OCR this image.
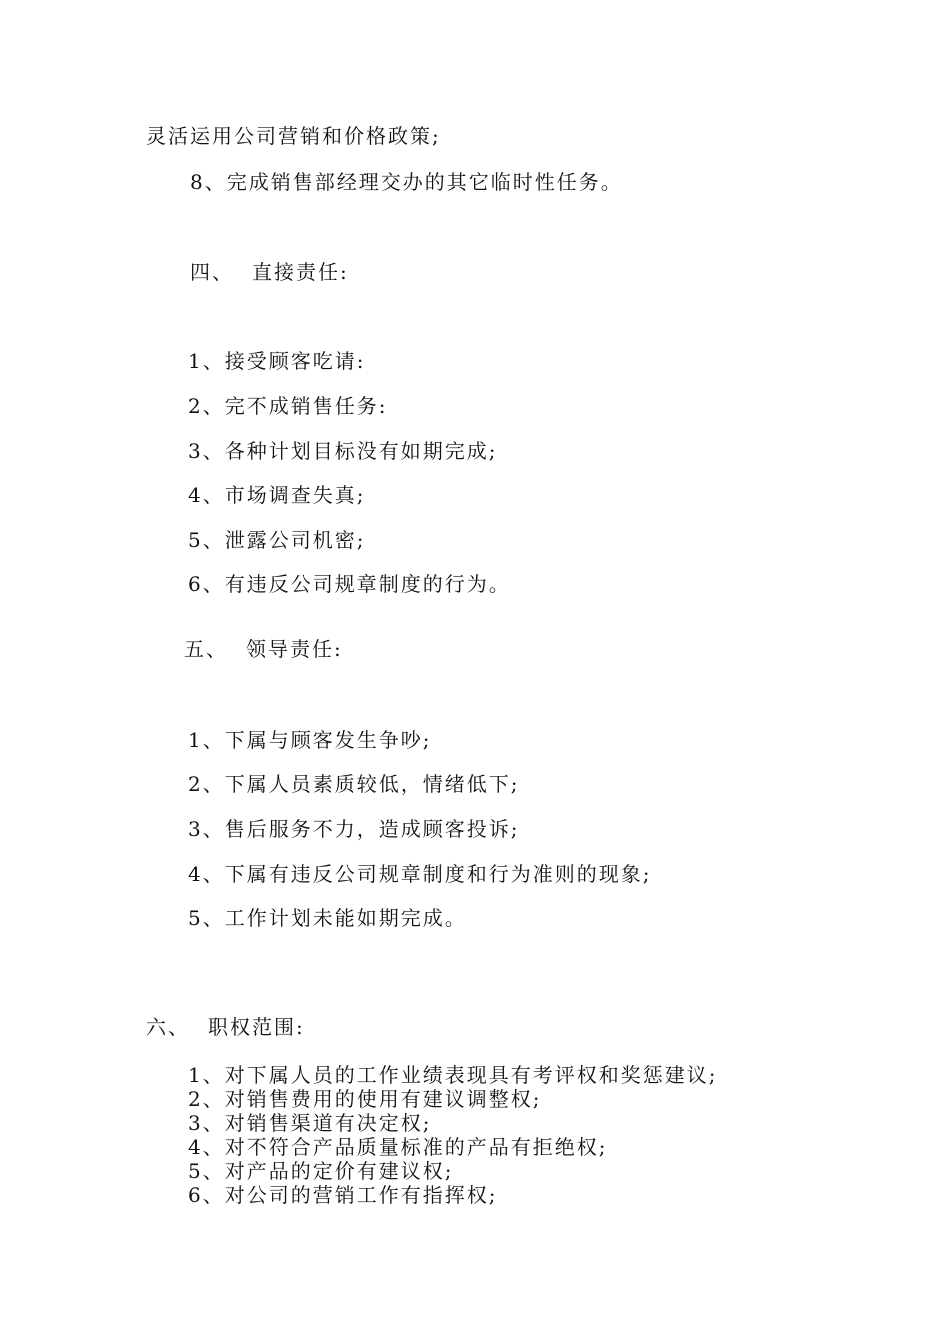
灵活运用公司营销和价格政策;
8、完成销售部经理交办的其它临时性任务。
四、 直接责任:
1、接受顾客吃请:
2、完不成销售任务:
3、各种计划目标没有如期完成;
4、市场调查失真;
5、泄露公司机密;
6、有违反公司规章制度的行为。
五、 领导责任:
1、下属与顾客发生争吵;
2、下属人员素质较低，情绪低下;
3、售后服务不力，造成顾客投诉;
4、下属有违反公司规章制度和行为准则的现象;
5、工作计划未能如期完成。
六、 职权范围:
1、对下属人员的工作业绩表现具有考评权和奖惩建议;
2、对销售费用的使用有建议调整权;
3、对销售渠道有决定权;
4、对不符合产品质量标准的产品有拒绝权;
5、对产品的定价有建议权;
6、对公司的营销工作有指挥权;
